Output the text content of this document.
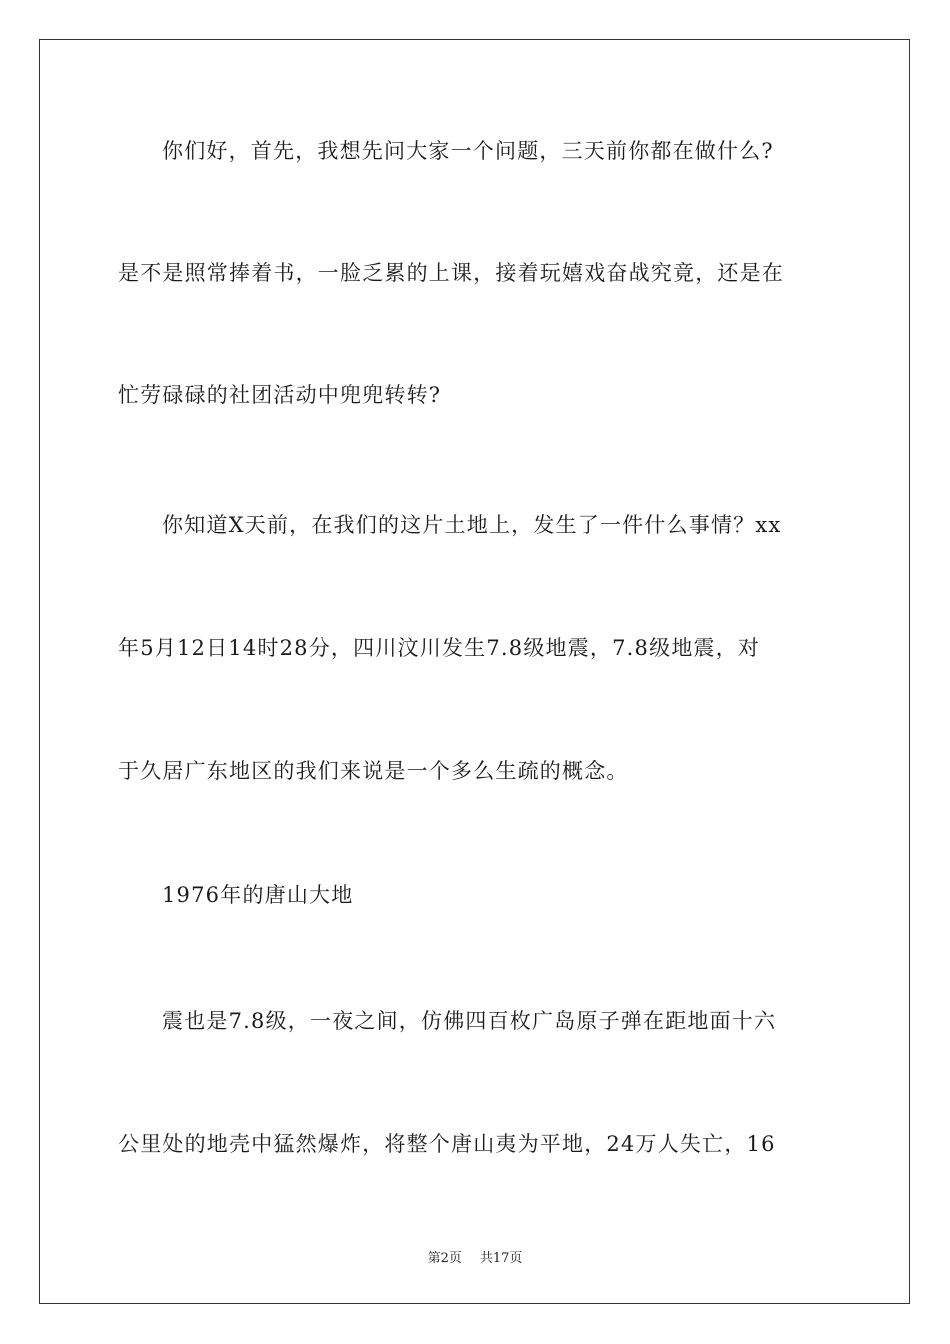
你们好，首先，我想先问大家一个问题，三天前你都在做什么?
是不是照常捧着书，一脸乏累的上课，接着玩嬉戏奋战究竟，还是在
忙劳碌碌的社团活动中兜兜转转?
你知道X天前，在我们的这片土地上，发生了一件什么事情？xx
年5月12日14时28分，四川汶川发生7.8级地震，7.8级地震，对
于久居广东地区的我们来说是一个多么生疏的概念。
1976年的唐山大地
震也是7.8级，一夜之间，仿佛四百枚广岛原子弹在距地面十六
公里处的地壳中猛然爆炸，将整个唐山夷为平地，24万人失亡，16
第2页 共17页
